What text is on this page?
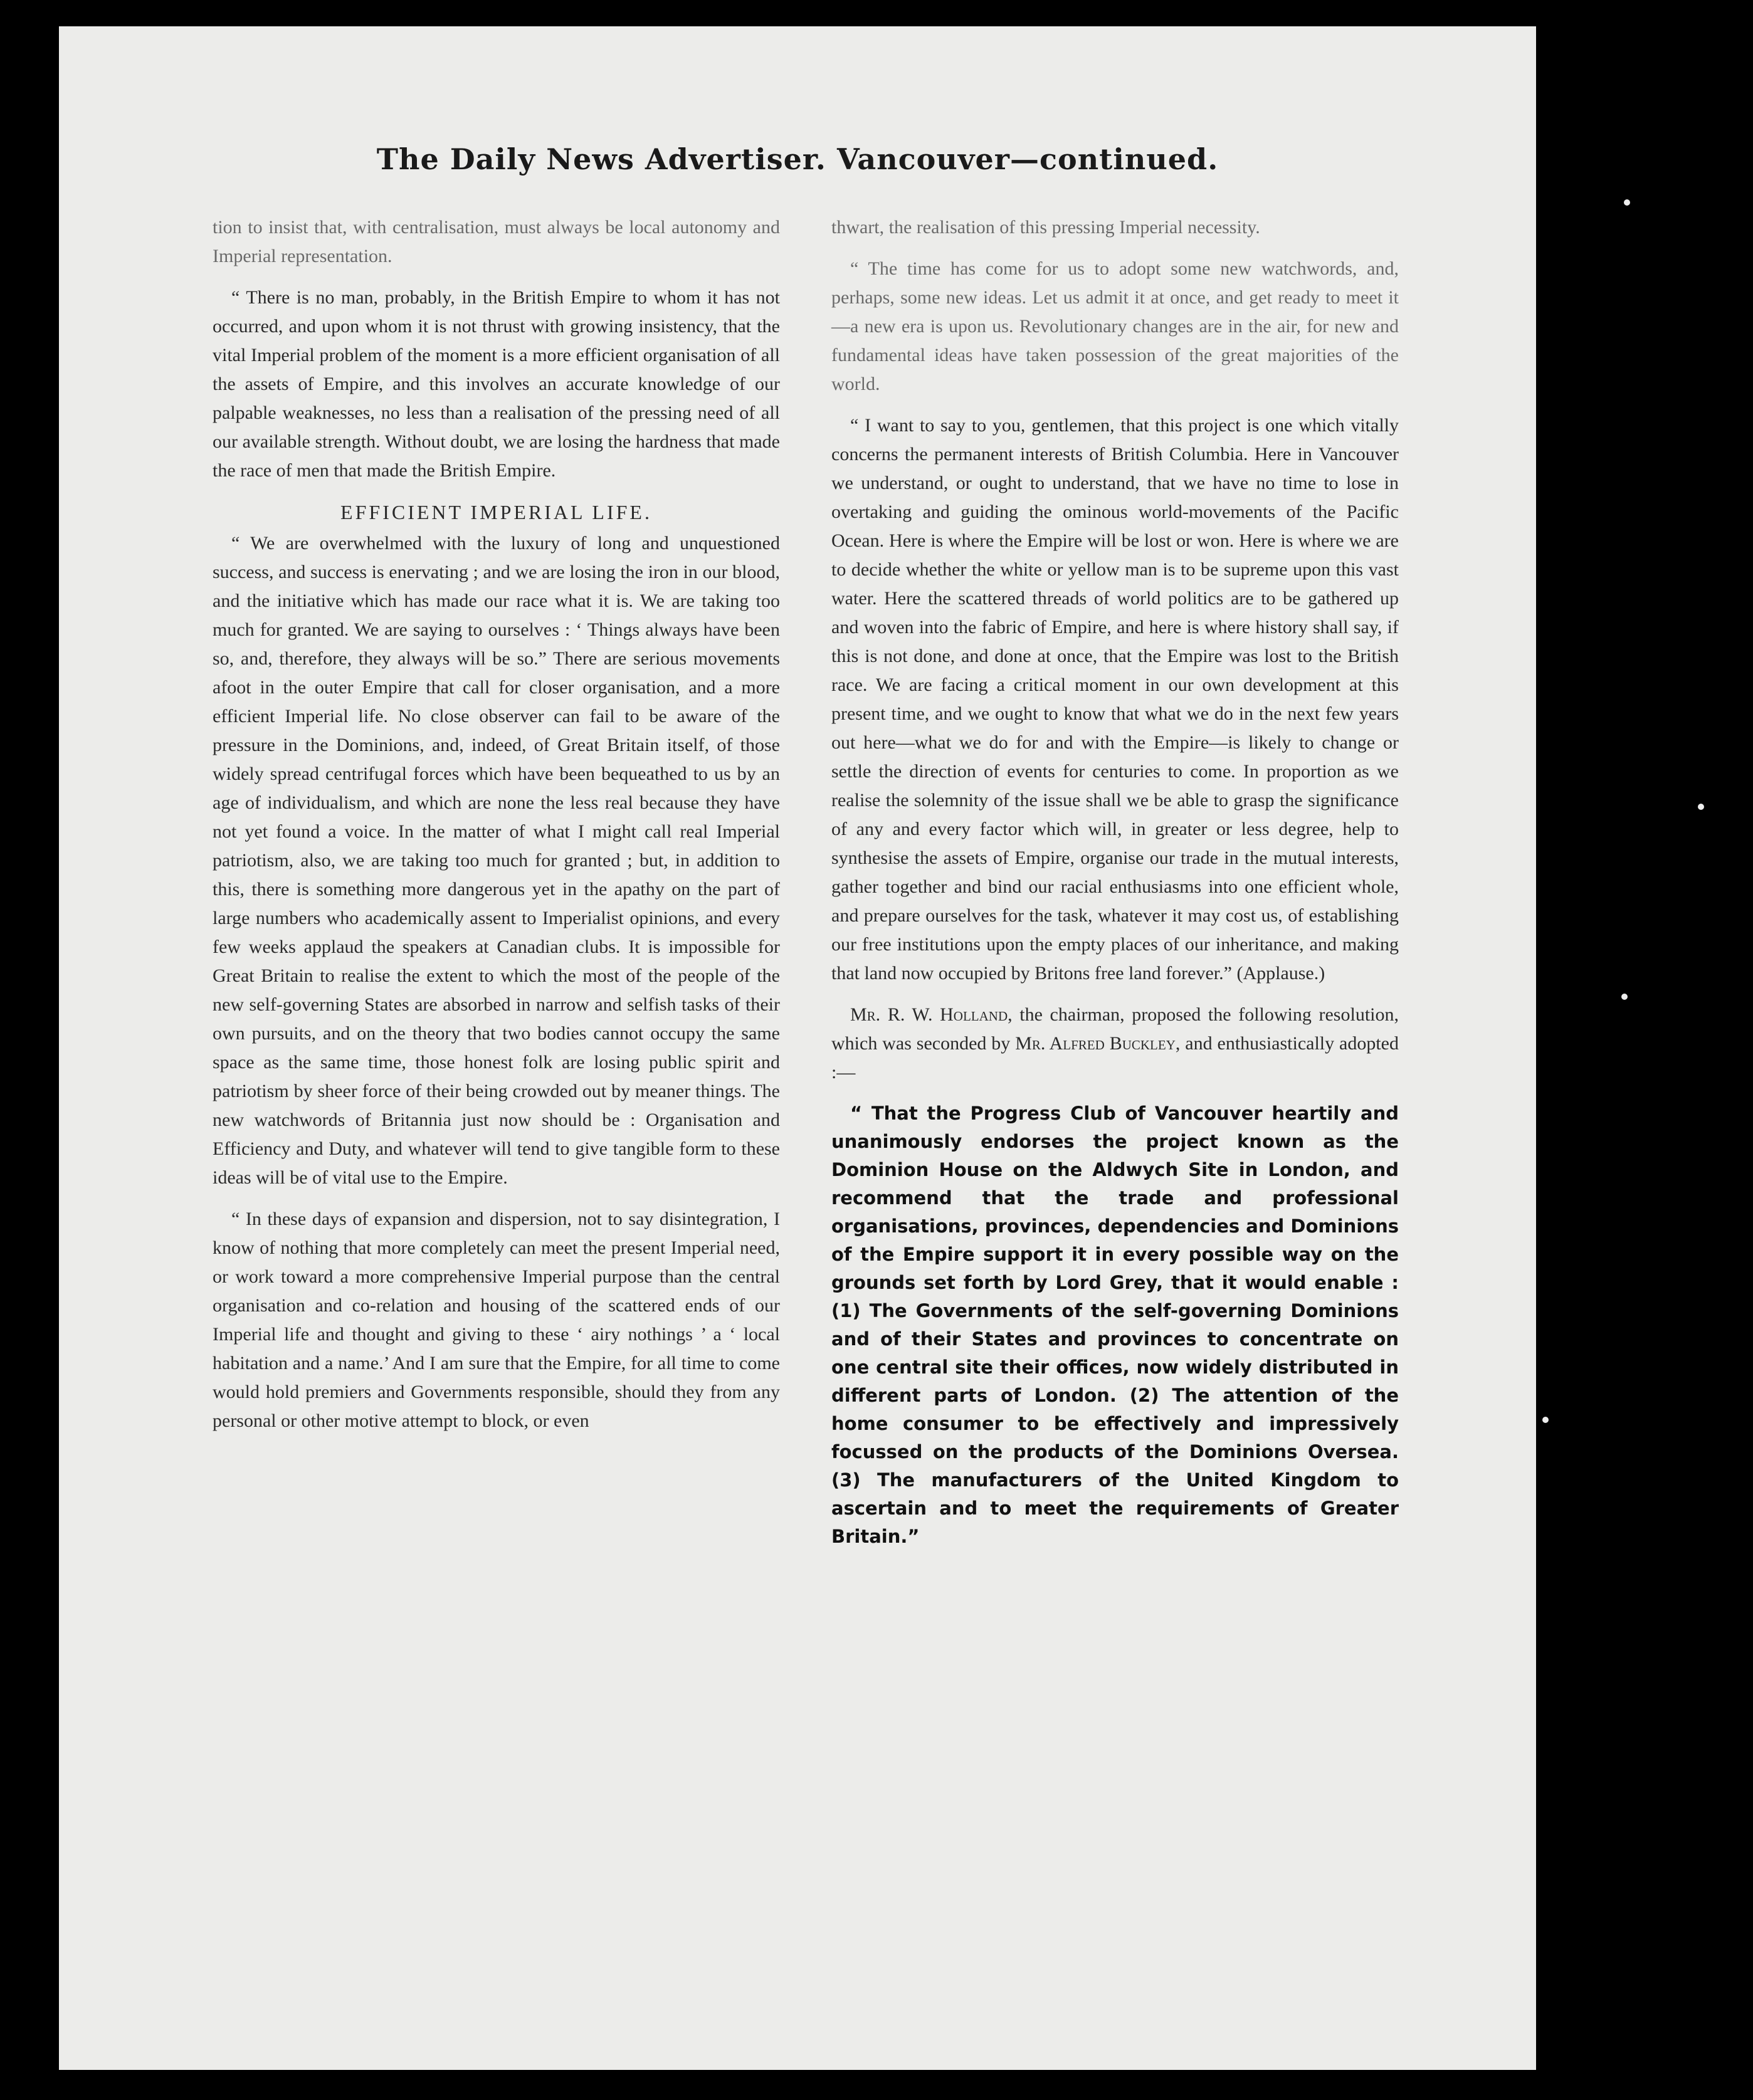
The Daily News Advertiser. Vancouver—continued.

tion to insist that, with centralisation, must always be local autonomy and Imperial representation.

“ There is no man, probably, in the British Empire to whom it has not occurred, and upon whom it is not thrust with growing insistency, that the vital Imperial problem of the moment is a more efficient organisation of all the assets of Empire, and this involves an accurate knowledge of our palpable weaknesses, no less than a realisation of the pressing need of all our available strength. Without doubt, we are losing the hardness that made the race of men that made the British Empire.

EFFICIENT IMPERIAL LIFE.

“ We are overwhelmed with the luxury of long and unquestioned success, and success is enervating ; and we are losing the iron in our blood, and the initiative which has made our race what it is. We are taking too much for granted. We are saying to ourselves : ‘ Things always have been so, and, therefore, they always will be so.” There are serious movements afoot in the outer Empire that call for closer organisation, and a more efficient Imperial life. No close observer can fail to be aware of the pressure in the Dominions, and, indeed, of Great Britain itself, of those widely spread centrifugal forces which have been bequeathed to us by an age of individualism, and which are none the less real because they have not yet found a voice. In the matter of what I might call real Imperial patriotism, also, we are taking too much for granted ; but, in addition to this, there is something more dangerous yet in the apathy on the part of large numbers who academically assent to Imperialist opinions, and every few weeks applaud the speakers at Canadian clubs. It is impossible for Great Britain to realise the extent to which the most of the people of the new self-governing States are absorbed in narrow and selfish tasks of their own pursuits, and on the theory that two bodies cannot occupy the same space as the same time, those honest folk are losing public spirit and patriotism by sheer force of their being crowded out by meaner things. The new watchwords of Britannia just now should be : Organisation and Efficiency and Duty, and whatever will tend to give tangible form to these ideas will be of vital use to the Empire.

“ In these days of expansion and dispersion, not to say disintegration, I know of nothing that more completely can meet the present Imperial need, or work toward a more comprehensive Imperial purpose than the central organisation and co-relation and housing of the scattered ends of our Imperial life and thought and giving to these ‘ airy nothings ’ a ‘ local habitation and a name.’ And I am sure that the Empire, for all time to come would hold premiers and Governments responsible, should they from any personal or other motive attempt to block, or even

thwart, the realisation of this pressing Imperial necessity.

“ The time has come for us to adopt some new watchwords, and, perhaps, some new ideas. Let us admit it at once, and get ready to meet it—a new era is upon us. Revolutionary changes are in the air, for new and fundamental ideas have taken possession of the great majorities of the world.

“ I want to say to you, gentlemen, that this project is one which vitally concerns the permanent interests of British Columbia. Here in Vancouver we understand, or ought to understand, that we have no time to lose in overtaking and guiding the ominous world-movements of the Pacific Ocean. Here is where the Empire will be lost or won. Here is where we are to decide whether the white or yellow man is to be supreme upon this vast water. Here the scattered threads of world politics are to be gathered up and woven into the fabric of Empire, and here is where history shall say, if this is not done, and done at once, that the Empire was lost to the British race. We are facing a critical moment in our own development at this present time, and we ought to know that what we do in the next few years out here—what we do for and with the Empire—is likely to change or settle the direction of events for centuries to come. In proportion as we realise the solemnity of the issue shall we be able to grasp the significance of any and every factor which will, in greater or less degree, help to synthesise the assets of Empire, organise our trade in the mutual interests, gather together and bind our racial enthusiasms into one efficient whole, and prepare ourselves for the task, whatever it may cost us, of establishing our free institutions upon the empty places of our inheritance, and making that land now occupied by Britons free land forever.” (Applause.)

Mr. R. W. Holland, the chairman, proposed the following resolution, which was seconded by Mr. Alfred Buckley, and enthusiastically adopted :—

“ That the Progress Club of Vancouver heartily and unanimously endorses the project known as the Dominion House on the Aldwych Site in London, and recommend that the trade and professional organisations, provinces, dependencies and Dominions of the Empire support it in every possible way on the grounds set forth by Lord Grey, that it would enable : (1) The Governments of the self-governing Dominions and of their States and provinces to concentrate on one central site their offices, now widely distributed in different parts of London. (2) The attention of the home consumer to be effectively and impressively focussed on the products of the Dominions Oversea. (3) The manufacturers of the United Kingdom to ascertain and to meet the requirements of Greater Britain.”
